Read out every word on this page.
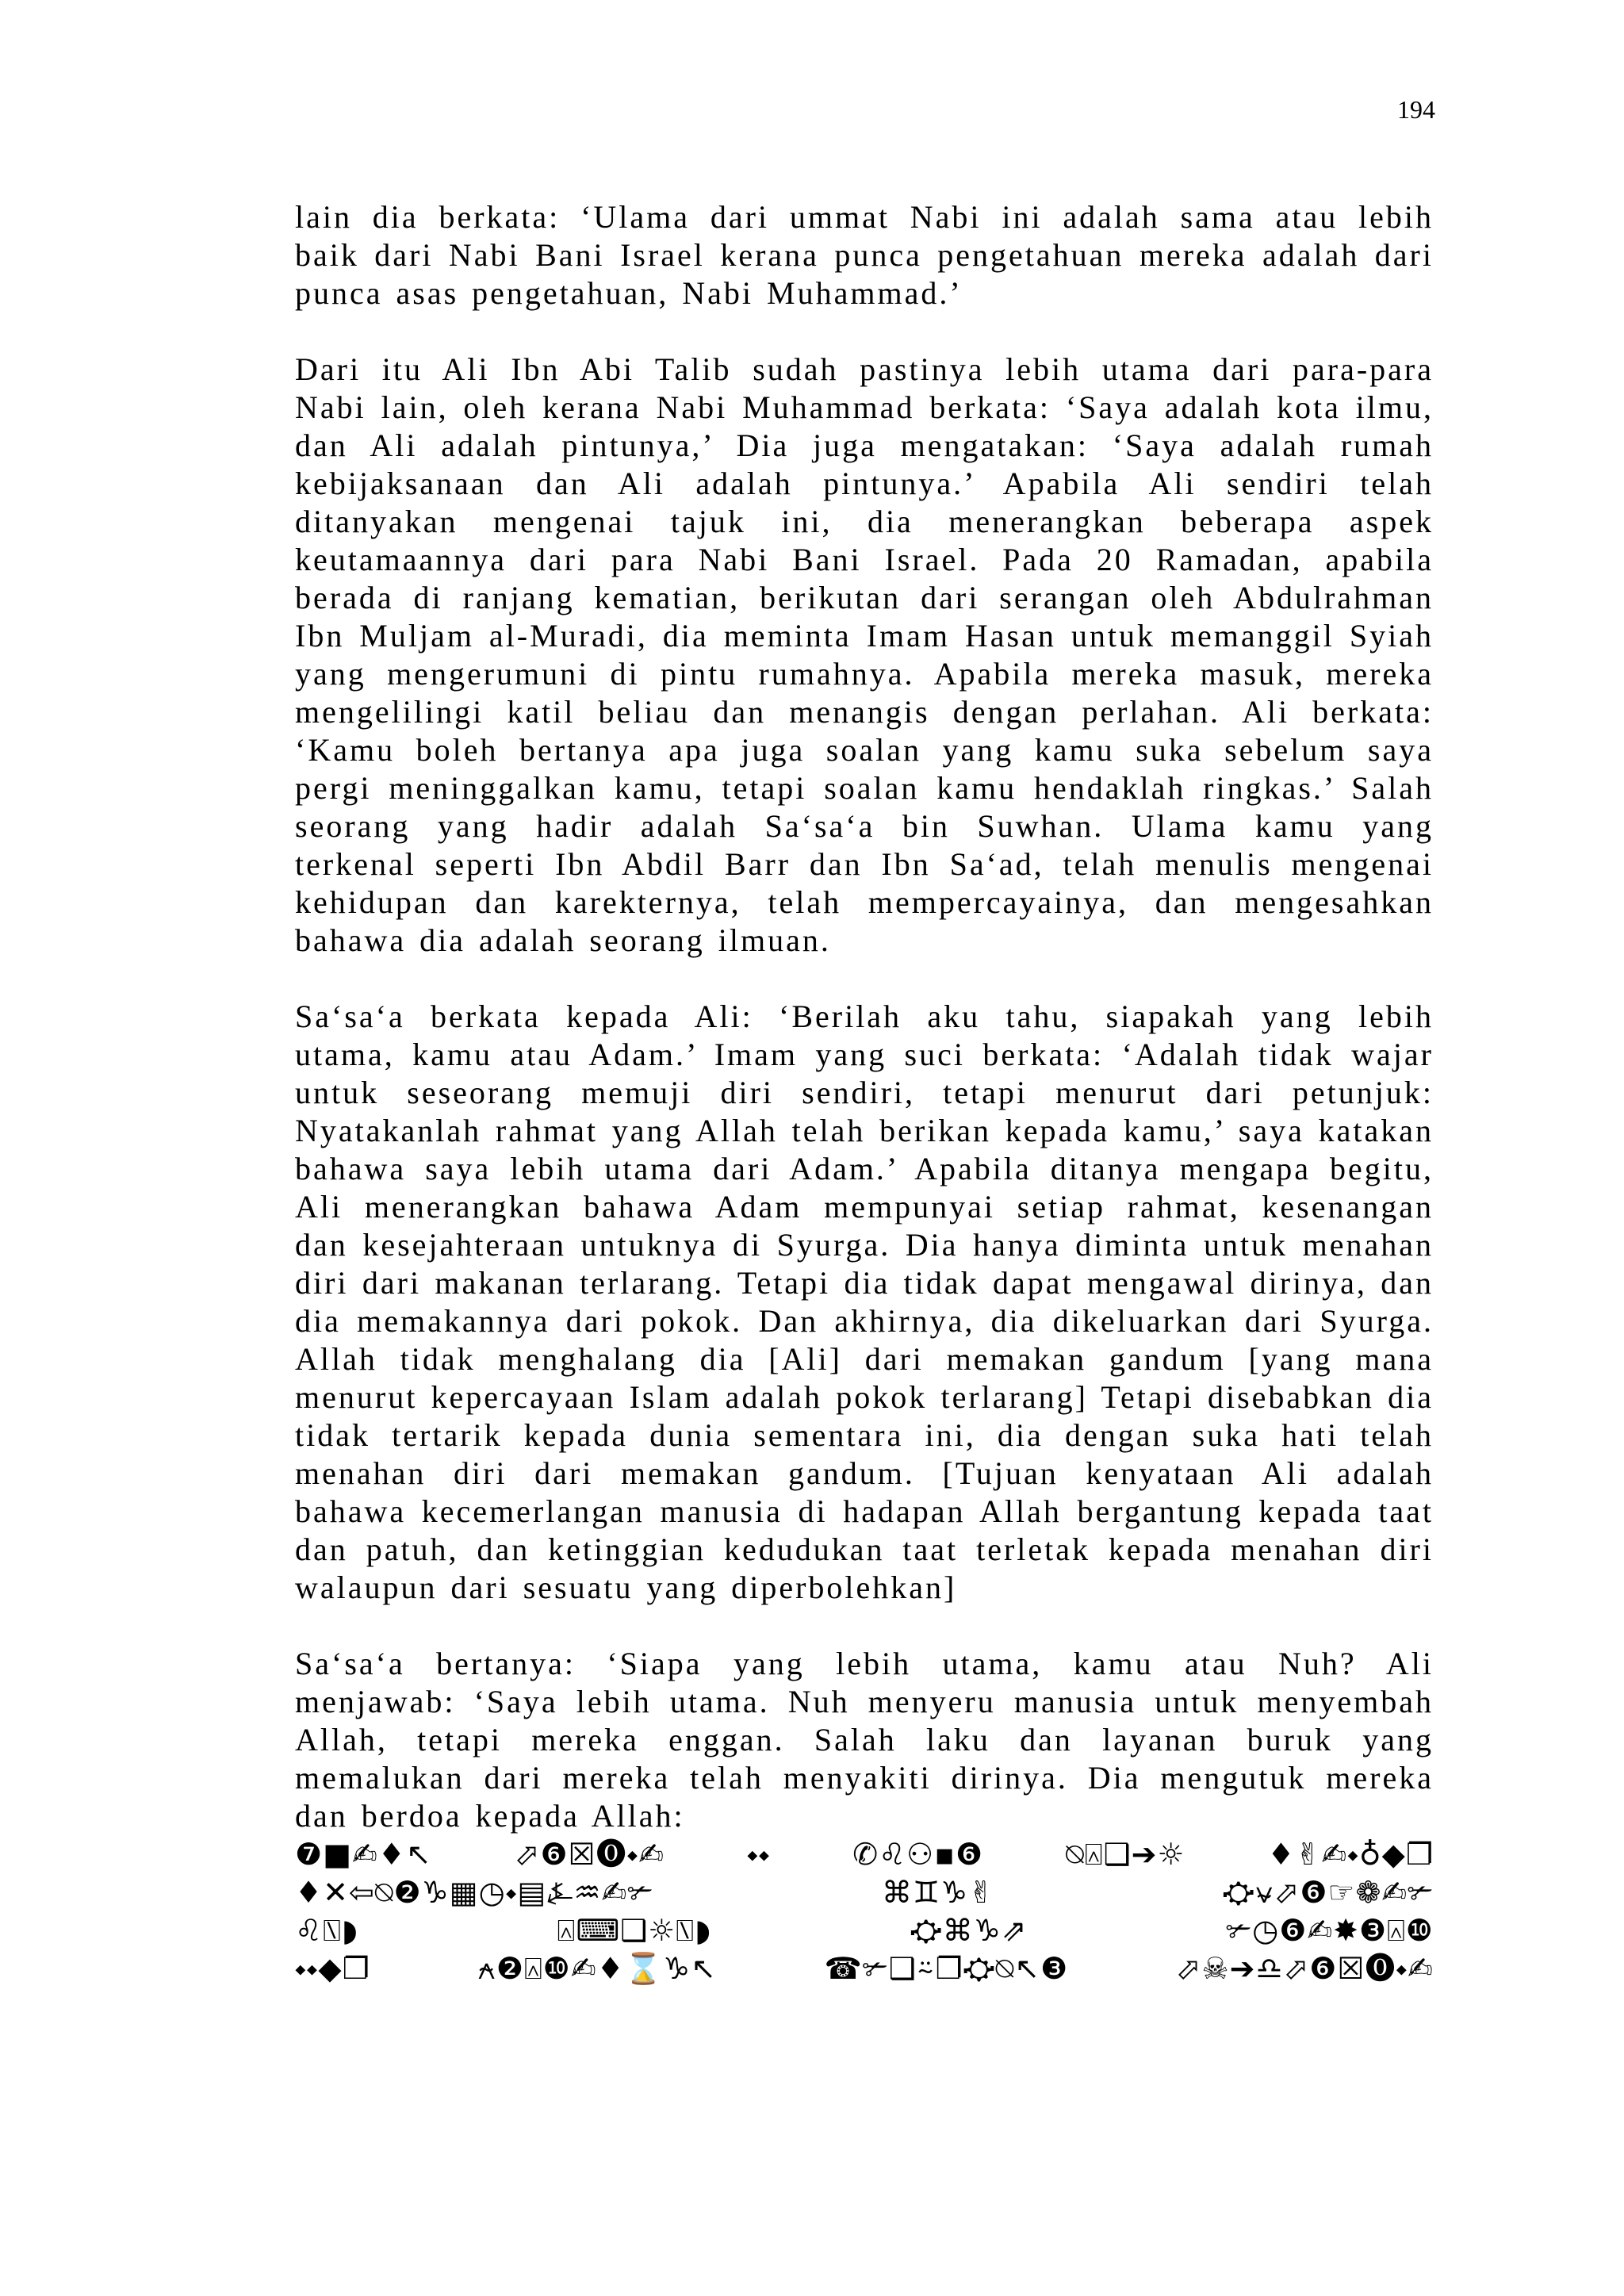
194

lain dia berkata: ‘Ulama dari ummat Nabi ini adalah sama atau lebih baik dari Nabi Bani Israel kerana punca pengetahuan mereka adalah dari punca asas pengetahuan, Nabi Muhammad.’

Dari itu Ali Ibn Abi Talib sudah pastinya lebih utama dari para-para Nabi lain, oleh kerana Nabi Muhammad berkata: ‘Saya adalah kota ilmu, dan Ali adalah pintunya,’ Dia juga mengatakan: ‘Saya adalah rumah kebijaksanaan dan Ali adalah pintunya.’ Apabila Ali sendiri telah ditanyakan mengenai tajuk ini, dia menerangkan beberapa aspek keutamaannya dari para Nabi Bani Israel. Pada 20 Ramadan, apabila berada di ranjang kematian, berikutan dari serangan oleh Abdulrahman Ibn Muljam al-Muradi, dia meminta Imam Hasan untuk memanggil Syiah yang mengerumuni di pintu rumahnya. Apabila mereka masuk, mereka mengelilingi katil beliau dan menangis dengan perlahan. Ali berkata: ‘Kamu boleh bertanya apa juga soalan yang kamu suka sebelum saya pergi meninggalkan kamu, tetapi soalan kamu hendaklah ringkas.’ Salah seorang yang hadir adalah Sa‘sa‘a bin Suwhan. Ulama kamu yang terkenal seperti Ibn Abdil Barr dan Ibn Sa‘ad, telah menulis mengenai kehidupan dan karekternya, telah mempercayainya, dan mengesahkan bahawa dia adalah seorang ilmuan.

Sa‘sa‘a berkata kepada Ali: ‘Berilah aku tahu, siapakah yang lebih utama, kamu atau Adam.’ Imam yang suci berkata: ‘Adalah tidak wajar untuk seseorang memuji diri sendiri, tetapi menurut dari petunjuk: Nyatakanlah rahmat yang Allah telah berikan kepada kamu,’ saya katakan bahawa saya lebih utama dari Adam.’ Apabila ditanya mengapa begitu, Ali menerangkan bahawa Adam mempunyai setiap rahmat, kesenangan dan kesejahteraan untuknya di Syurga. Dia hanya diminta untuk menahan diri dari makanan terlarang. Tetapi dia tidak dapat mengawal dirinya, dan dia memakannya dari pokok. Dan akhirnya, dia dikeluarkan dari Syurga. Allah tidak menghalang dia [Ali] dari memakan gandum [yang mana menurut kepercayaan Islam adalah pokok terlarang] Tetapi disebabkan dia tidak tertarik kepada dunia sementara ini, dia dengan suka hati telah menahan diri dari memakan gandum. [Tujuan kenyataan Ali adalah bahawa kecemerlangan manusia di hadapan Allah bergantung kepada taat dan patuh, dan ketinggian kedudukan taat terletak kepada menahan diri walaupun dari sesuatu yang diperbolehkan]

Sa‘sa‘a bertanya: ‘Siapa yang lebih utama, kamu atau Nuh? Ali menjawab: ‘Saya lebih utama. Nuh menyeru manusia untuk menyembah Allah, tetapi mereka enggan. Salah laku dan layanan buruk yang memalukan dari mereka telah menyakiti dirinya. Dia mengutuk mereka dan berdoa kepada Allah:

❼■✍♦↖	⬀❻☒⓿⬩✍	⬩⬩	✆♌⚇▪❻	⍉⍓❑➔☼	♦✌✍⬩♁◆❐
♦✕⇦⍉❷♑▦◷⬩▤⍼♒✍✃	⌘♊♑✌	⛮⍱⬀❻☞❁✍✃
♌⍂◗	⍓⌨❑☼⍂◗	⛮⌘♑⇗	✃◷❻✍✸❸⍓❿
⬩⬩◆❐	⍲❷⍓❿✍♦⌛♑↖	☎✃❑⍨❐⛮⍉↖❸	⬀☠➔♎⬀❻☒⓿⬩✍
